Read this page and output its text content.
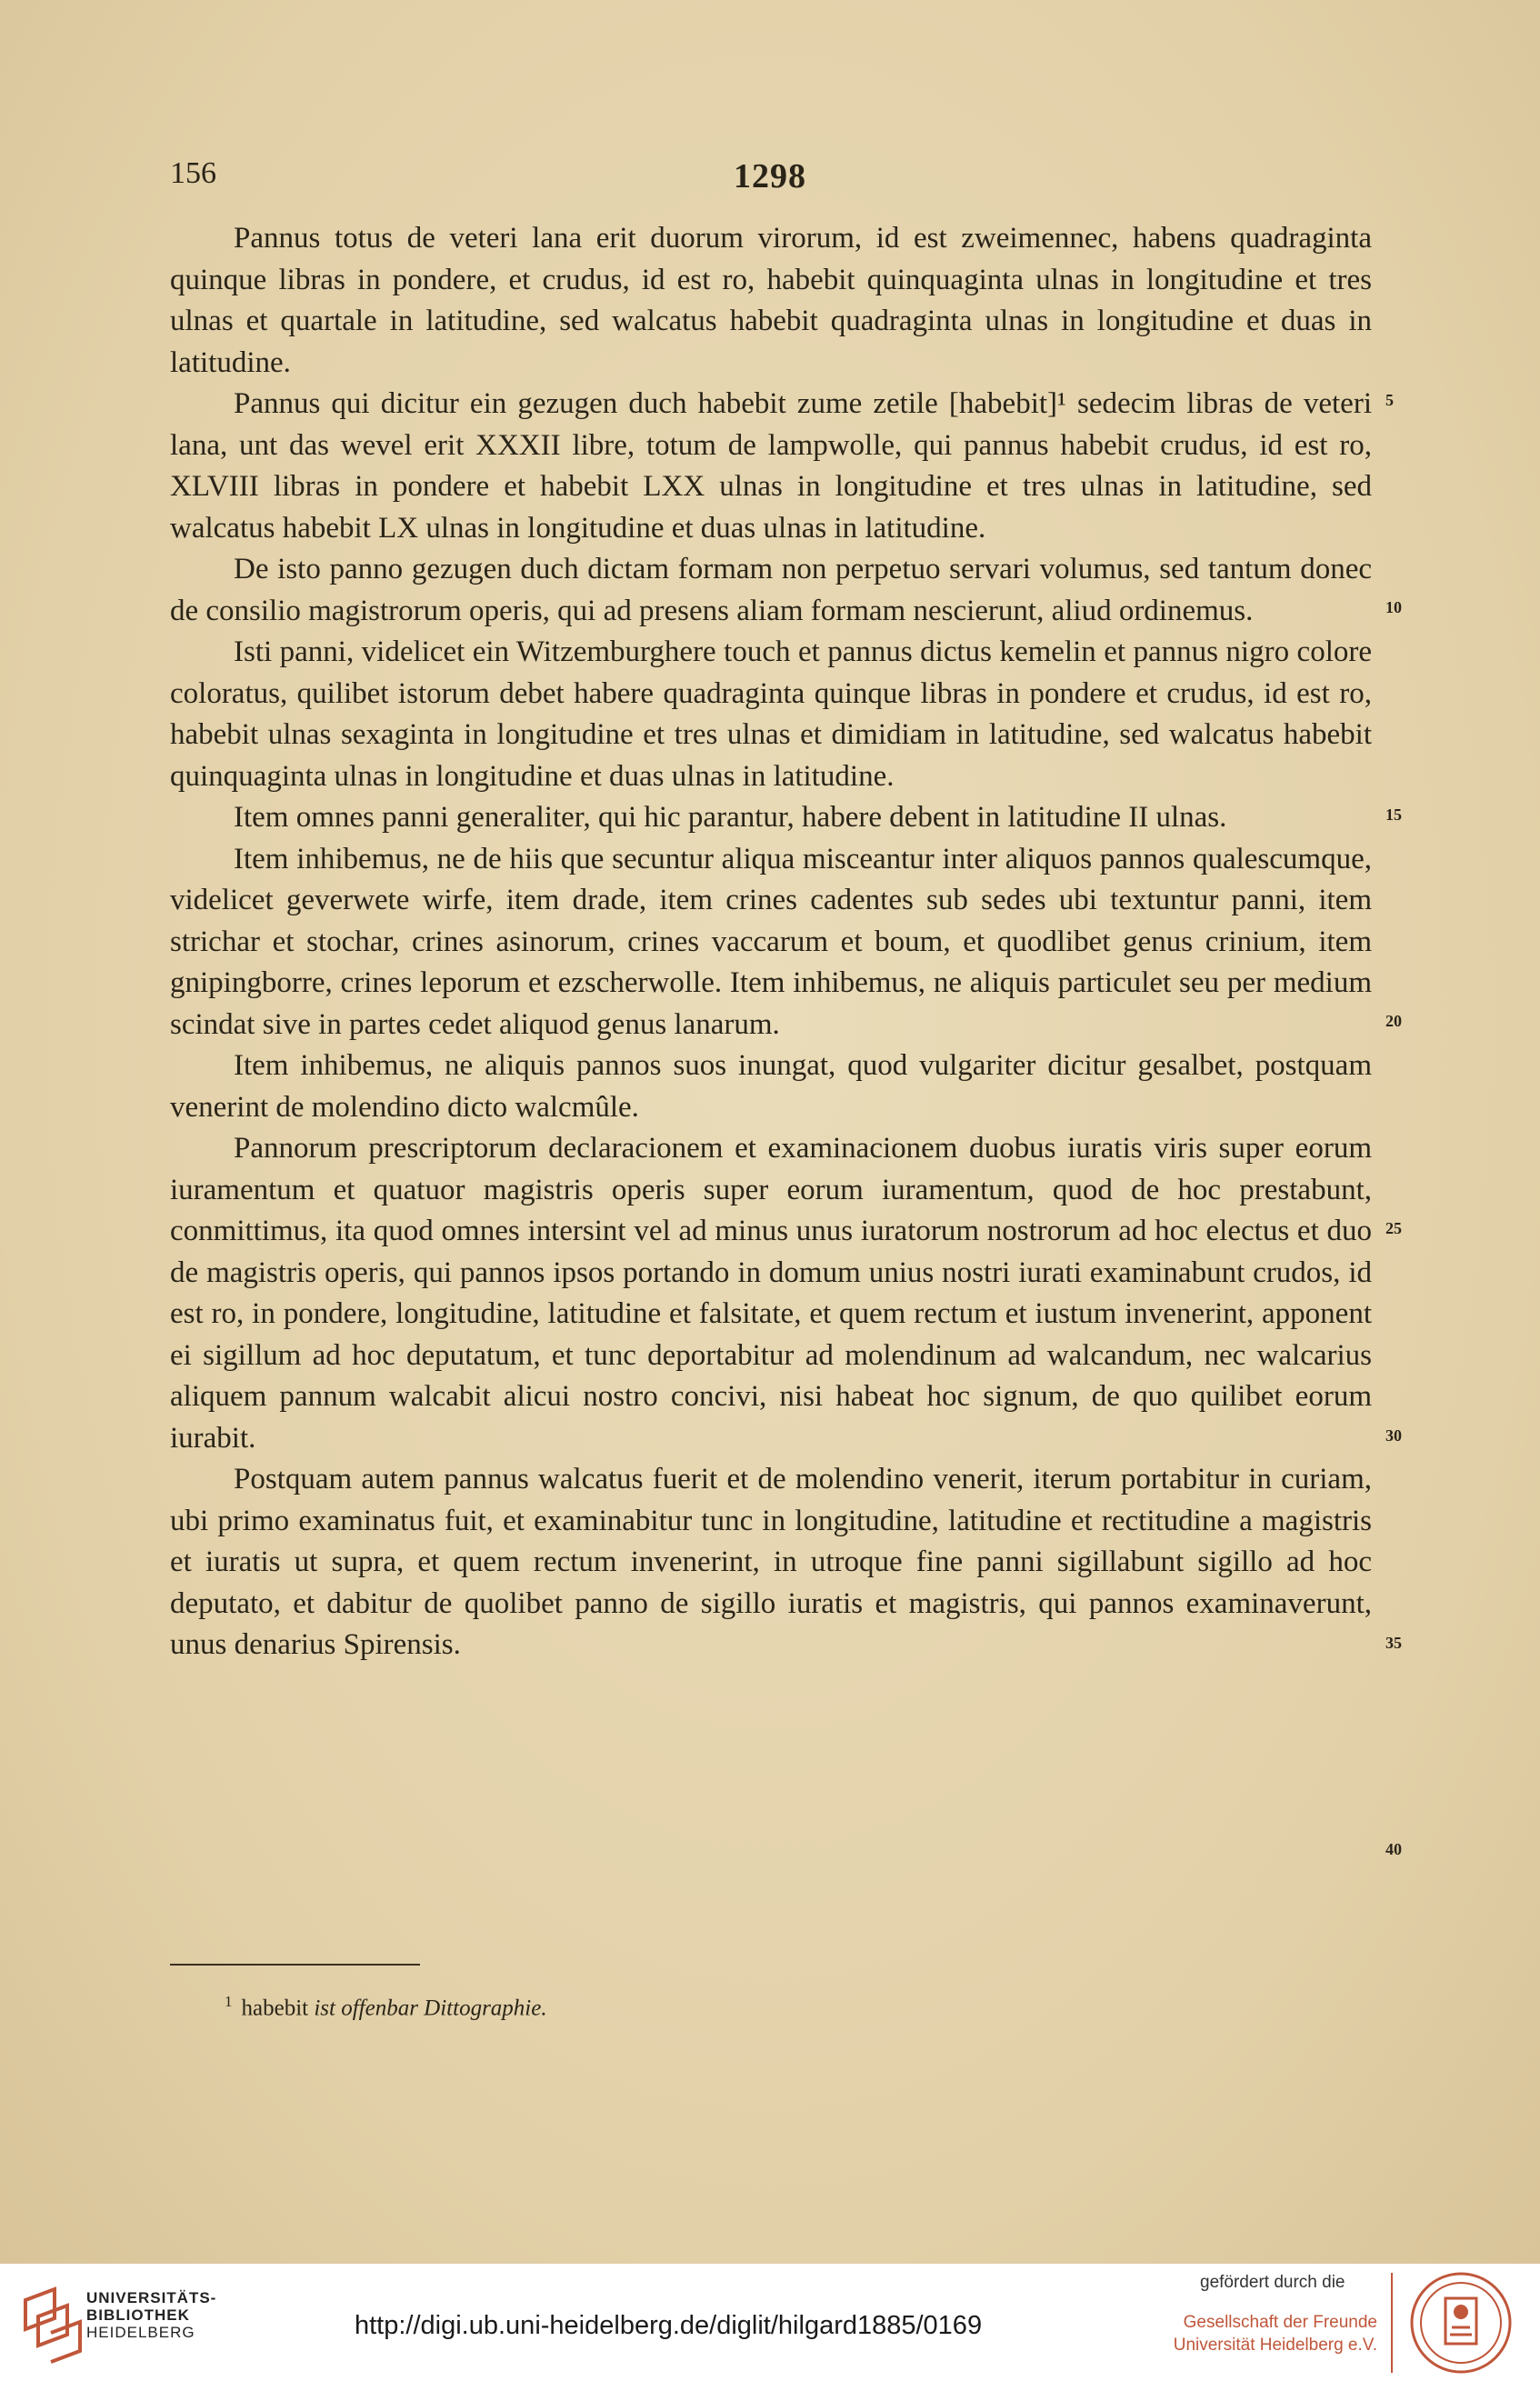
156	1298

Pannus totus de veteri lana erit duorum virorum, id est zweimennec, habens quadraginta quinque libras in pondere, et crudus, id est ro, habebit quinquaginta ulnas in longitudine et tres ulnas et quartale in latitudine, sed walcatus habebit quadraginta ulnas in longitudine et duas in latitudine.

Pannus qui dicitur ein gezugen duch habebit zume zetile [habebit]¹ sedecim libras de veteri lana, unt das wevel erit XXXII libre, totum de lampwolle, qui pannus habebit crudus, id est ro, XLVIII libras in pondere et habebit LXX ulnas in longitudine et tres ulnas in latitudine, sed walcatus habebit LX ulnas in longitudine et duas ulnas in latitudine.

De isto panno gezugen duch dictam formam non perpetuo servari volumus, sed tantum donec de consilio magistrorum operis, qui ad presens aliam formam nescierunt, aliud ordinemus.

Isti panni, videlicet ein Witzemburghere touch et pannus dictus kemelin et pannus nigro colore coloratus, quilibet istorum debet habere quadraginta quinque libras in pondere et crudus, id est ro, habebit ulnas sexaginta in longitudine et tres ulnas et dimidiam in latitudine, sed walcatus habebit quinquaginta ulnas in longitudine et duas ulnas in latitudine.

Item omnes panni generaliter, qui hic parantur, habere debent in latitudine II ulnas.

Item inhibemus, ne de hiis que secuntur aliqua misceantur inter aliquos pannos qualescumque, videlicet geverwete wirfe, item drade, item crines cadentes sub sedes ubi textuntur panni, item strichar et stochar, crines asinorum, crines vaccarum et boum, et quodlibet genus crinium, item gnipingborre, crines leporum et ezscherwolle. Item inhibemus, ne aliquis particulet seu per medium scindat sive in partes cedet aliquod genus lanarum.

Item inhibemus, ne aliquis pannos suos inungat, quod vulgariter dicitur gesalbet, postquam venerint de molendino dicto walcmûle.

Pannorum prescriptorum declaracionem et examinacionem duobus iuratis viris super eorum iuramentum et quatuor magistris operis super eorum iuramentum, quod de hoc prestabunt, conmittimus, ita quod omnes intersint vel ad minus unus iuratorum nostrorum ad hoc electus et duo de magistris operis, qui pannos ipsos portando in domum unius nostri iurati examinabunt crudos, id est ro, in pondere, longitudine, latitudine et falsitate, et quem rectum et iustum invenerint, apponent ei sigillum ad hoc deputatum, et tunc deportabitur ad molendinum ad walcandum, nec walcarius aliquem pannum walcabit alicui nostro concivi, nisi habeat hoc signum, de quo quilibet eorum iurabit.

Postquam autem pannus walcatus fuerit et de molendino venerit, iterum portabitur in curiam, ubi primo examinatus fuit, et examinabitur tunc in longitudine, latitudine et rectitudine a magistris et iuratis ut supra, et quem rectum invenerint, in utroque fine panni sigillabunt sigillo ad hoc deputato, et dabitur de quolibet panno de sigillo iuratis et magistris, qui pannos examinaverunt, unus denarius Spirensis.

5
10
15
20
25
30
35
40
$^1$ habebit ist offenbar Dittographie.
UNIVERSITÄTS-
BIBLIOTHEK
HEIDELBERG	http://digi.ub.uni-heidelberg.de/diglit/hilgard1885/0169
gefördert durch die
Gesellschaft der Freunde
Universität Heidelberg e.V.
